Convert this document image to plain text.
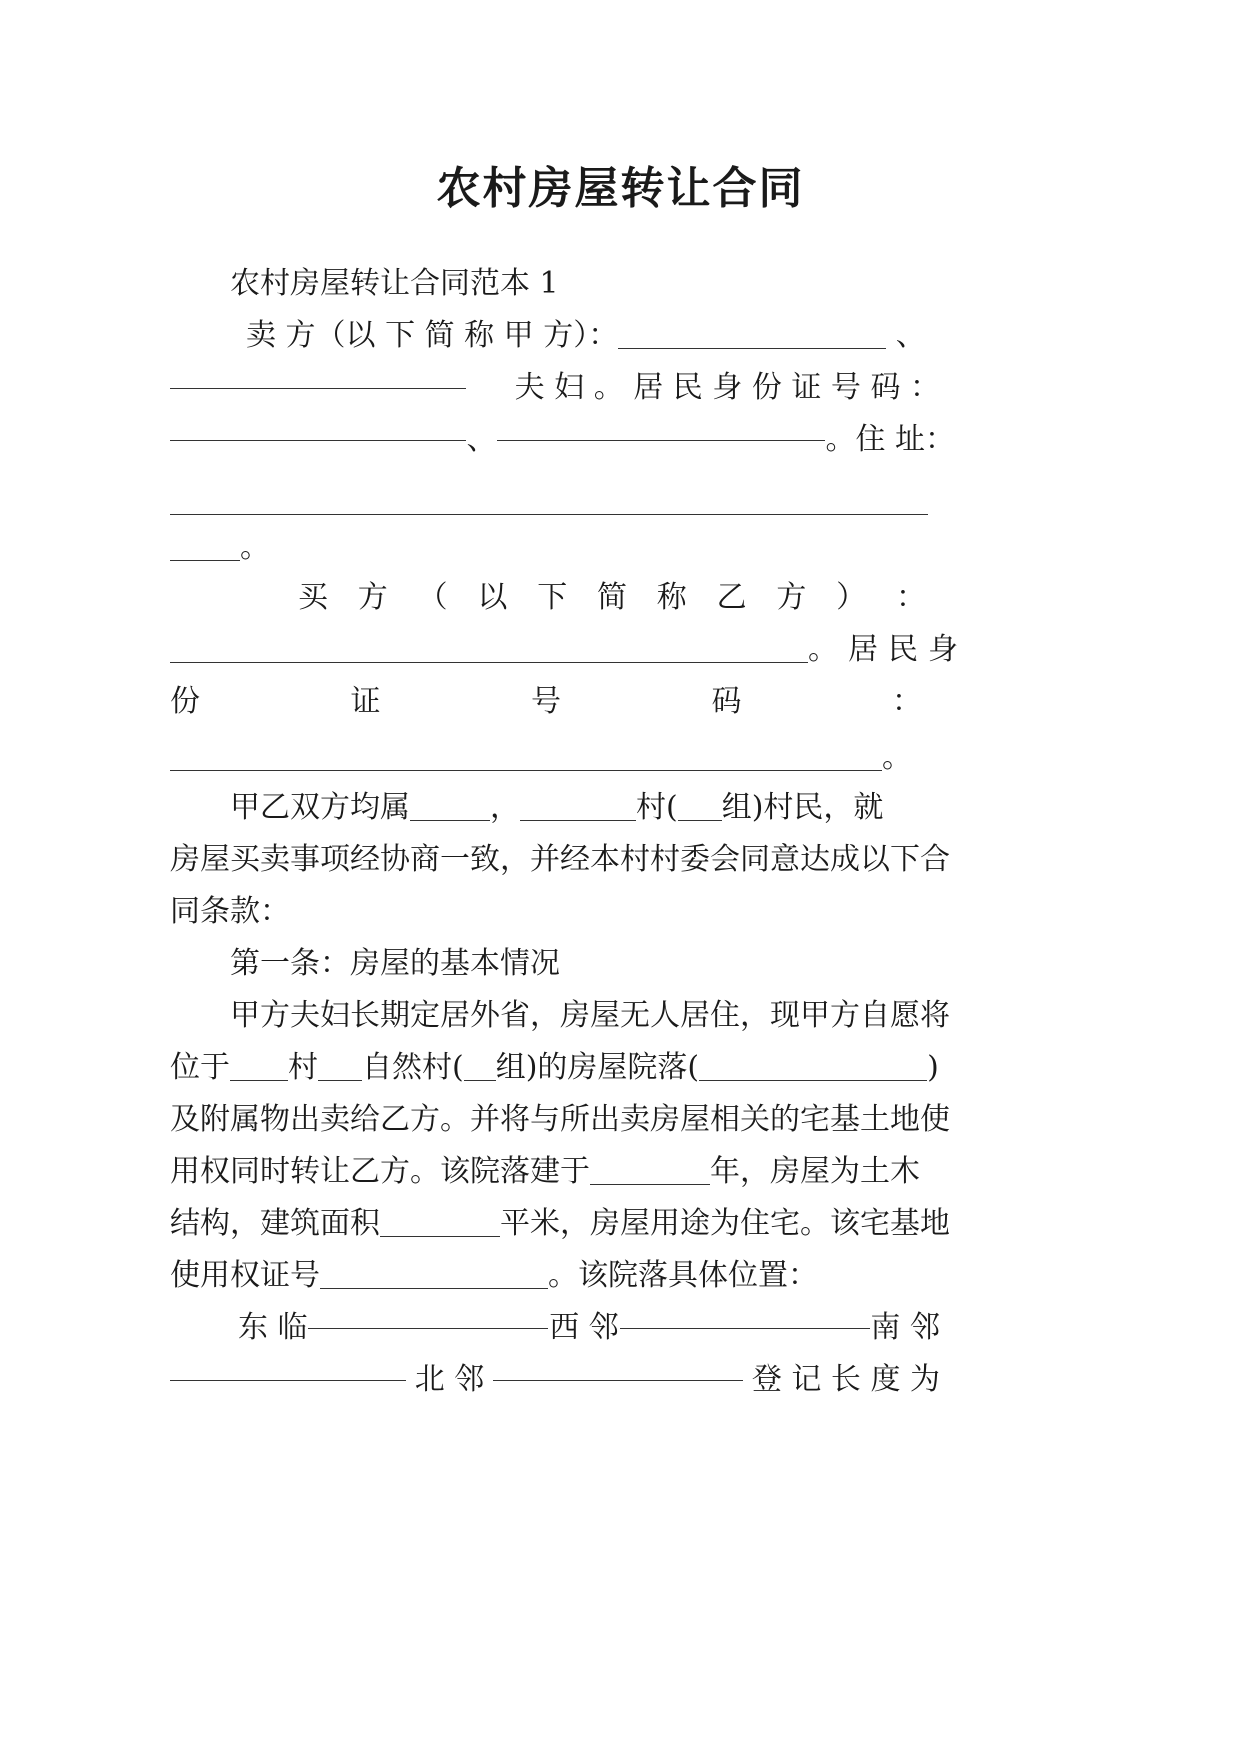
农村房屋转让合同
农村房屋转让合同范本 1
卖 方（以 下 简 称 甲 方）：	、
夫 妇 。 居 民 身 份 证 号 码 ：
、	。住 址：
。
买 方 （ 以 下 简 称 乙 方 ） ：
。居民身
份	证	号	码	：
。
甲乙双方均属	，	村( 组)村民，就
房屋买卖事项经协商一致，并经本村村委会同意达成以下合
同条款：
第一条：房屋的基本情况
甲方夫妇长期定居外省，房屋无人居住，现甲方自愿将
位于 村 自然村( 组)的房屋院落(	)
及附属物出卖给乙方。并将与所出卖房屋相关的宅基土地使
用权同时转让乙方。该院落建于	年，房屋为土木
结构，建筑面积	平米，房屋用途为住宅。该宅基地
使用权证号	。该院落具体位置：
东 临	西 邻	南 邻
北 邻	登 记 长 度 为
